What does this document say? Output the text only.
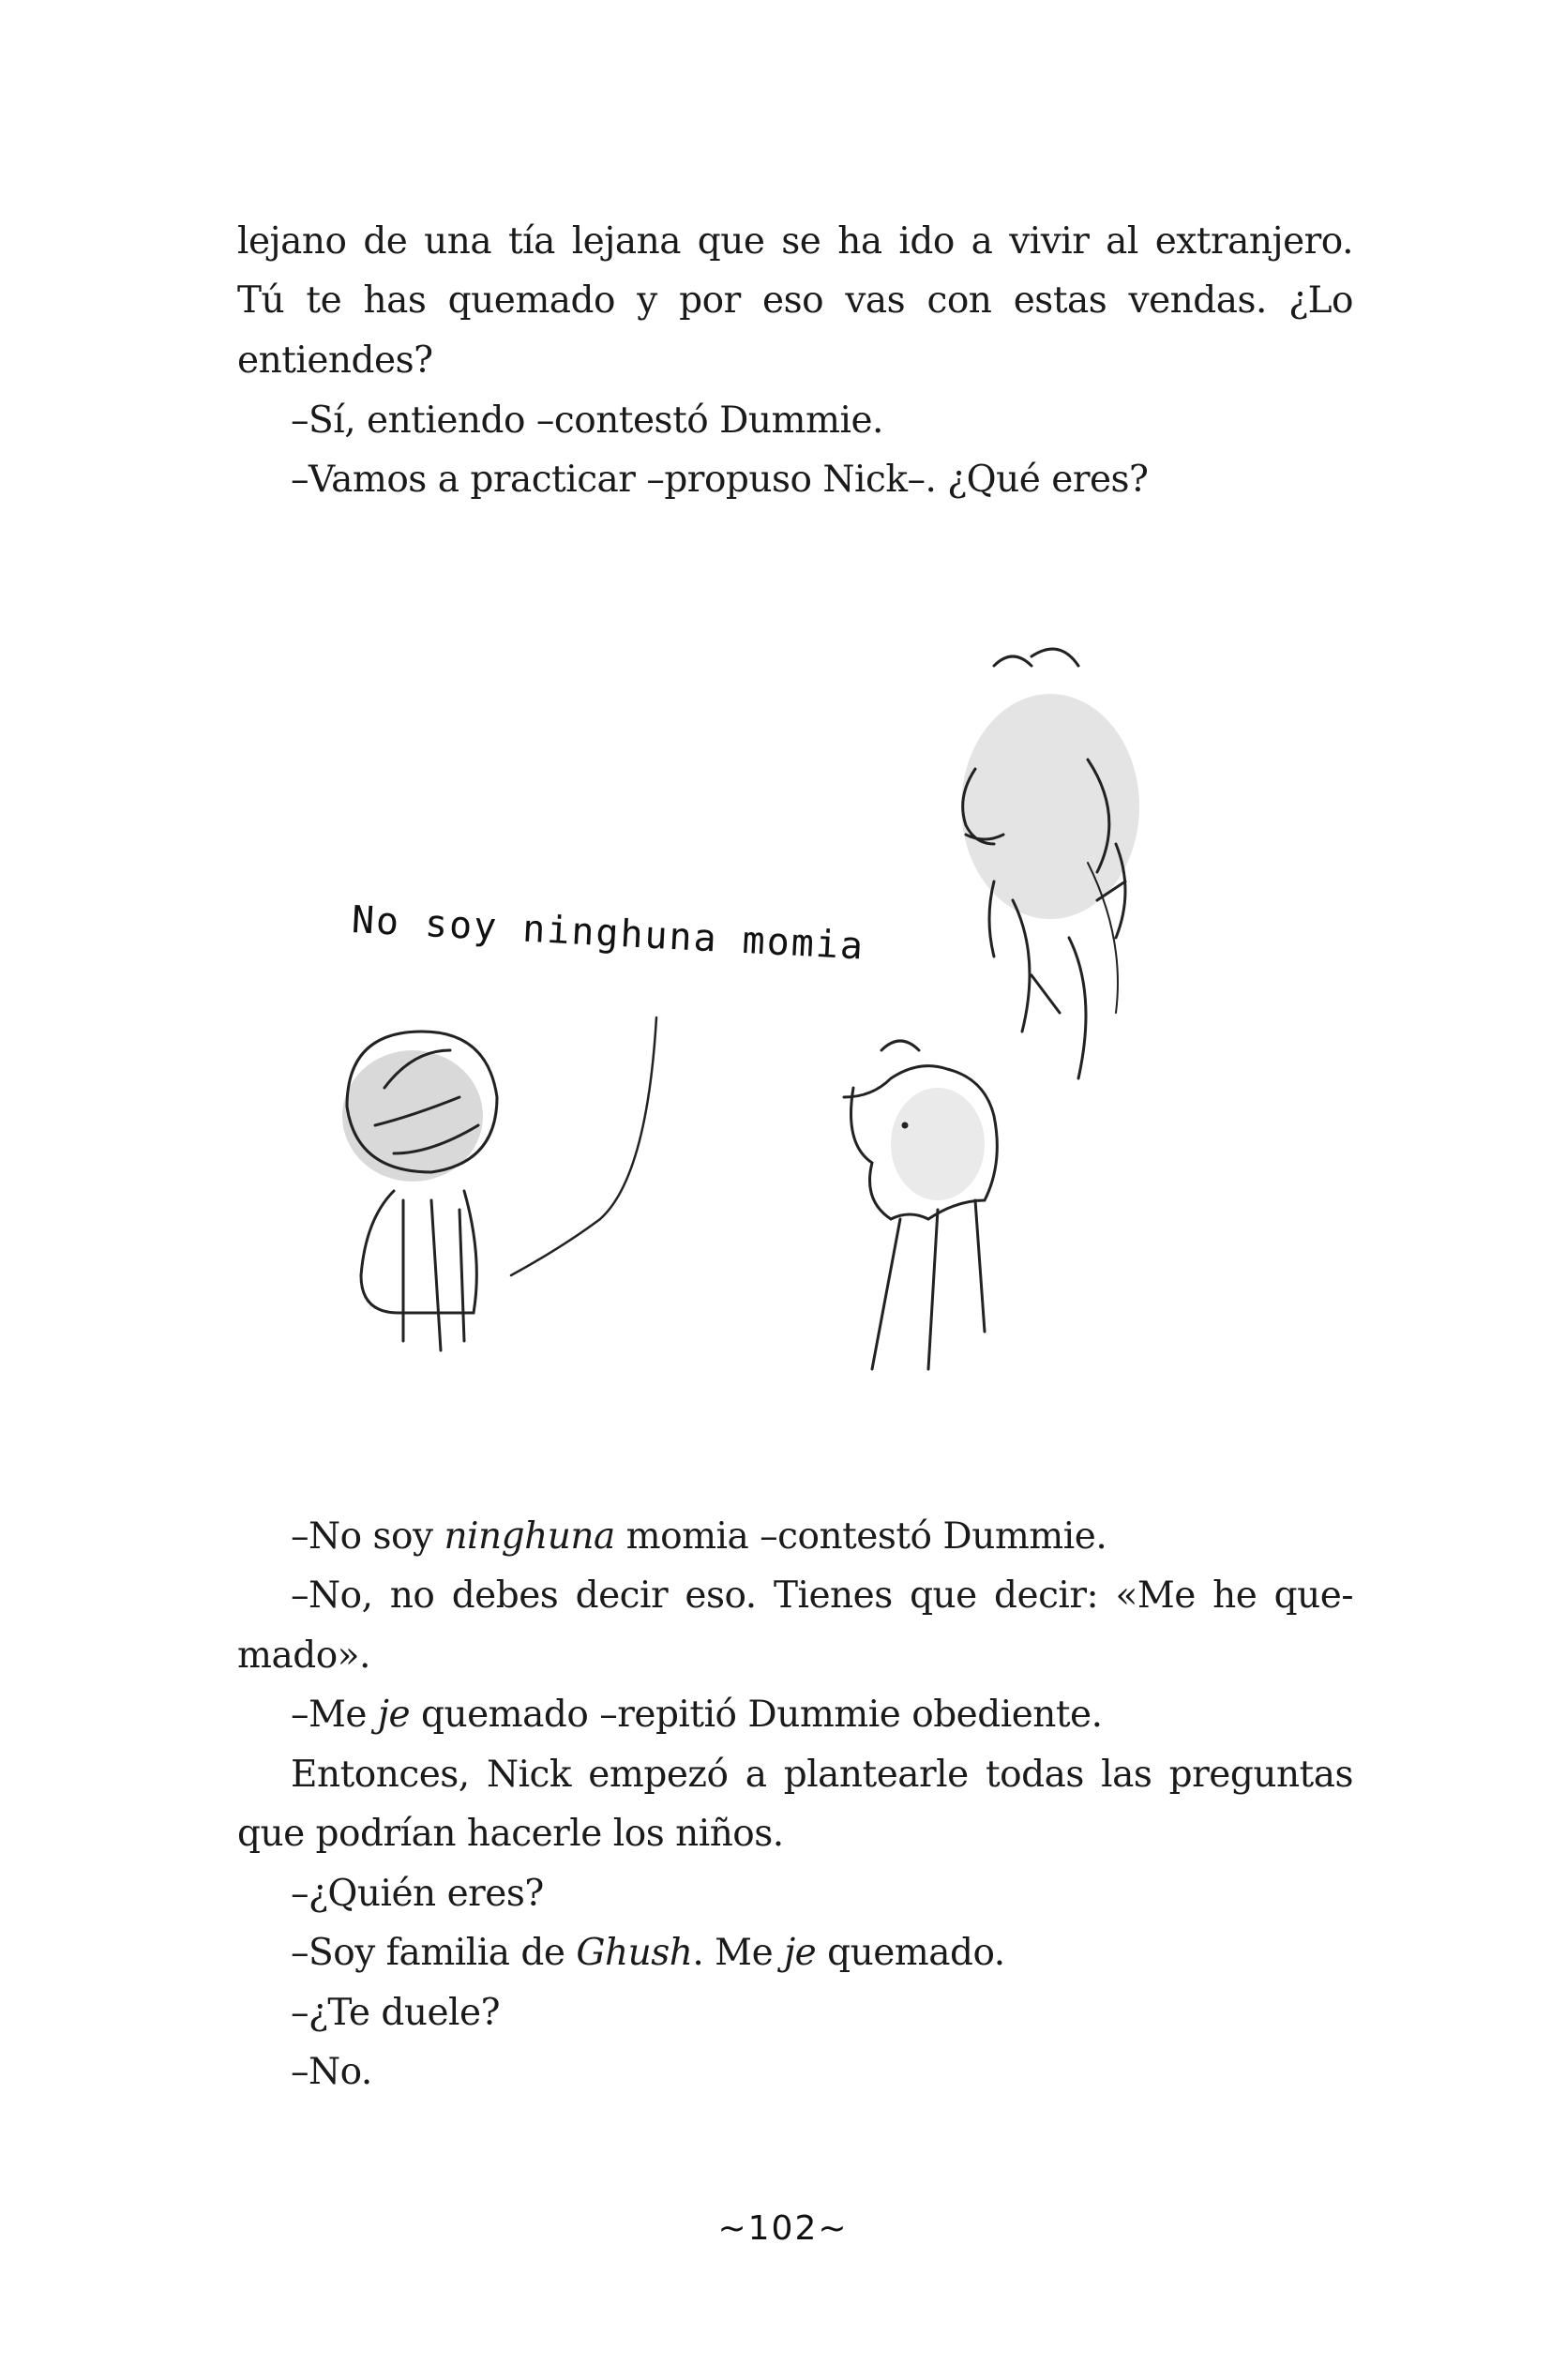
lejano de una tía lejana que se ha ido a vivir al extranjero.
Tú te has quemado y por eso vas con estas vendas. ¿Lo
entiendes?
–Sí, entiendo –contestó Dummie.
–Vamos a practicar –propuso Nick–. ¿Qué eres?
No soy ninghuna momia
–No soy ninghuna momia –contestó Dummie.
–No, no debes decir eso. Tienes que decir: «Me he que-
mado».
–Me je quemado –repitió Dummie obediente.
Entonces, Nick empezó a plantearle todas las preguntas
que podrían hacerle los niños.
–¿Quién eres?
–Soy familia de Ghush. Me je quemado.
–¿Te duele?
–No.
~102~
